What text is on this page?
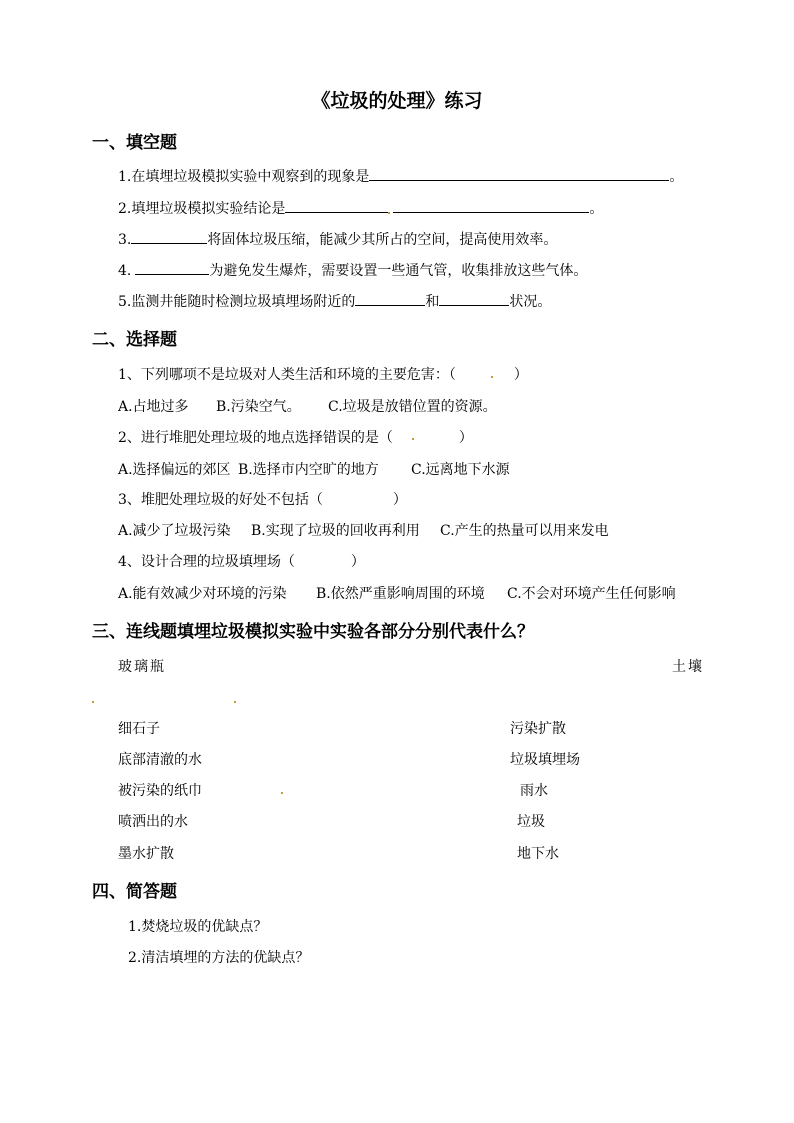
《垃圾的处理》练习
一、填空题
1.在填埋垃圾模拟实验中观察到的现象是	。
2.填埋垃圾模拟实验结论是	。
3.	将固体垃圾压缩，能减少其所占的空间，提高使用效率。
4.	为避免发生爆炸，需要设置一些通气管，收集排放这些气体。
5.监测井能随时检测垃圾填埋场附近的	和	状况。
二、选择题
1、下列哪项不是垃圾对人类生活和环境的主要危害：（	）
A.占地过多 B.污染空气。 C.垃圾是放错位置的资源。
2、进行堆肥处理垃圾的地点选择错误的是（	）
A.选择偏远的郊区 B.选择市内空旷的地方 C.远离地下水源
3、堆肥处理垃圾的好处不包括（	）
A.减少了垃圾污染 B.实现了垃圾的回收再利用 C.产生的热量可以用来发电
4、设计合理的垃圾填埋场（	）
A.能有效减少对环境的污染 B.依然严重影响周围的环境 C.不会对环境产生任何影响
三、连线题填埋垃圾模拟实验中实验各部分分别代表什么？
玻璃瓶	土壤
细石子	污染扩散
底部清澈的水	垃圾填埋场
被污染的纸巾	雨水
喷洒出的水	垃圾
墨水扩散	地下水
四、简答题
1.焚烧垃圾的优缺点？
2.清洁填埋的方法的优缺点？
